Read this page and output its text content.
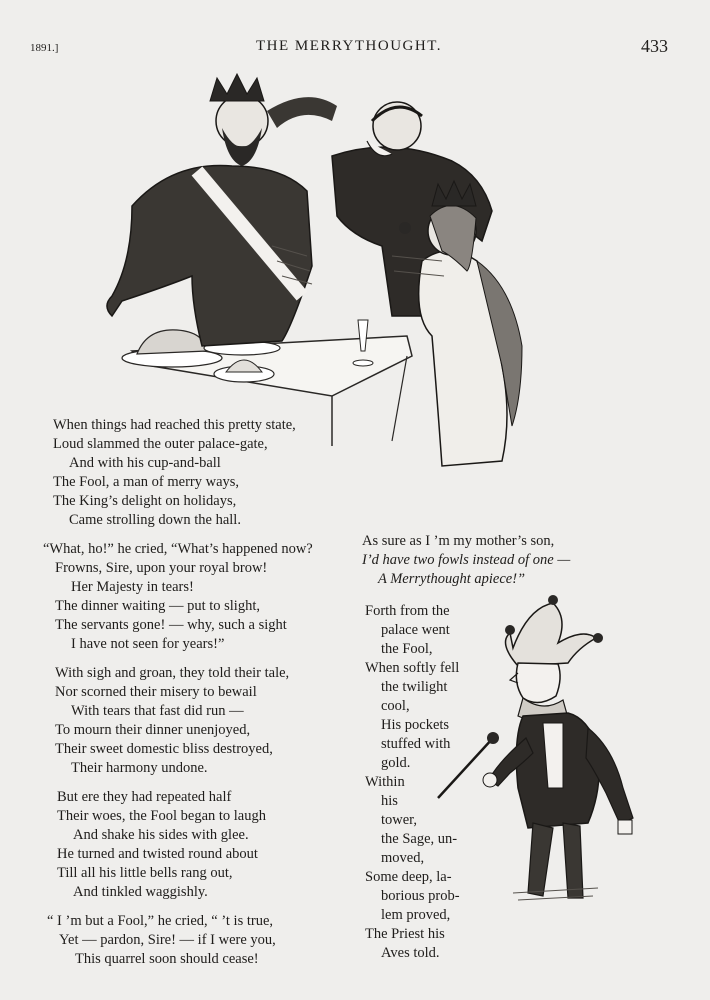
1891.]	THE MERRYTHOUGHT.	433
When things had reached this pretty state,
Loud slammed the outer palace-gate,
And with his cup-and-ball
The Fool, a man of merry ways,
The King’s delight on holidays,
Came strolling down the hall.
“What, ho!” he cried, “What’s happened now?
Frowns, Sire, upon your royal brow!
Her Majesty in tears!
The dinner waiting — put to slight,
The servants gone! — why, such a sight
I have not seen for years!”
With sigh and groan, they told their tale,
Nor scorned their misery to bewail
With tears that fast did run —
To mourn their dinner unenjoyed,
Their sweet domestic bliss destroyed,
Their harmony undone.
But ere they had repeated half
Their woes, the Fool began to laugh
And shake his sides with glee.
He turned and twisted round about
Till all his little bells rang out,
And tinkled waggishly.
“ I ’m but a Fool,” he cried, “ ’t is true,
Yet — pardon, Sire! — if I were you,
This quarrel soon should cease!
As sure as I ’m my mother’s son,
I’d have two fowls instead of one —
A Merrythought apiece!”
Forth from the
palace went
the Fool,
When softly fell
the twilight
cool,
His pockets
stuffed with
gold.
Within
his
tower,
the Sage, un-
moved,
Some deep, la-
borious prob-
lem proved,
The Priest his
Aves told.
